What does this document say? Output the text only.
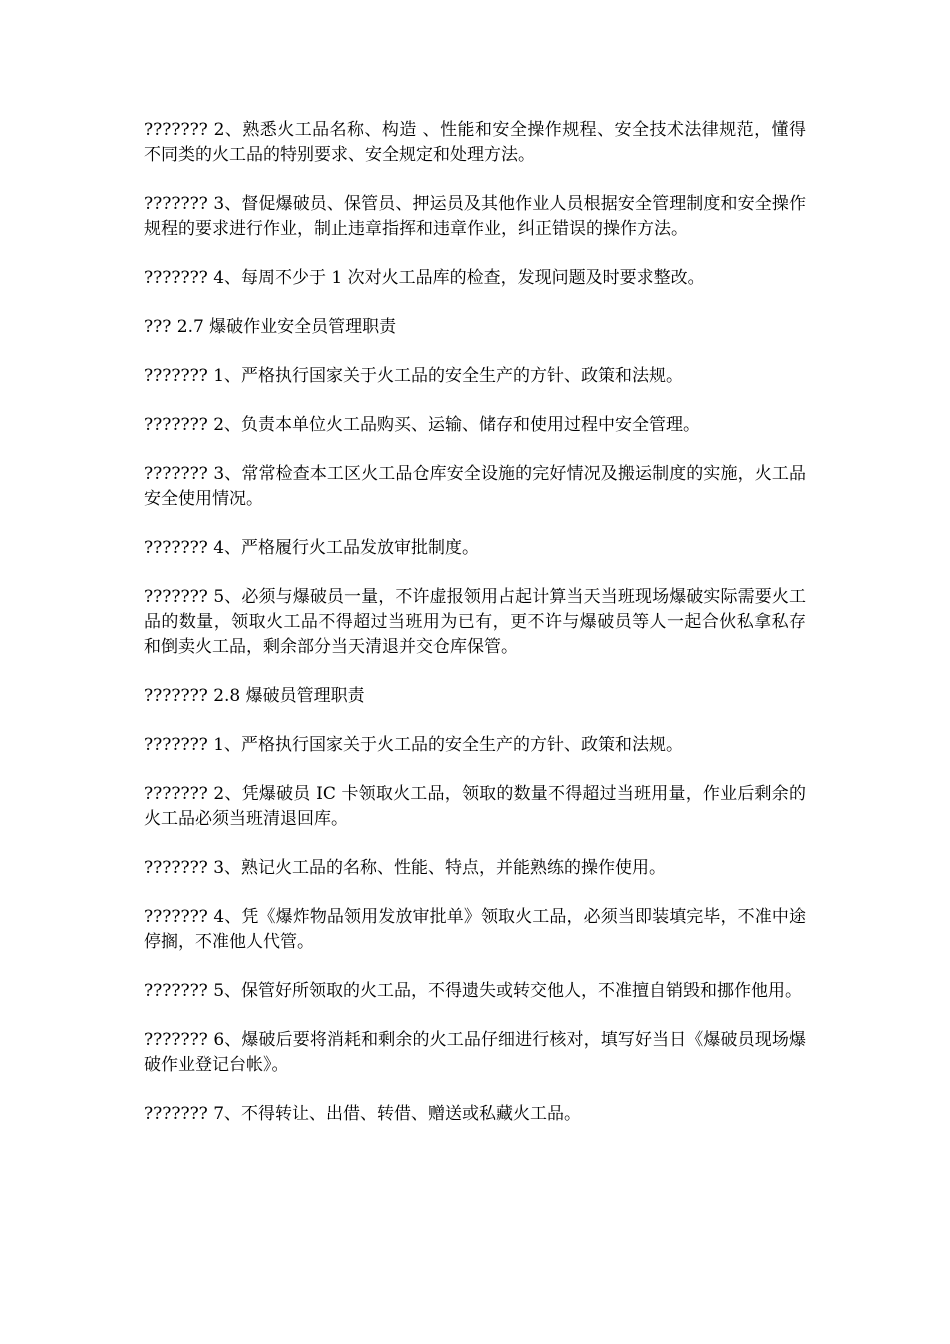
??????? 2、熟悉火工品名称、构造 、性能和安全操作规程、安全技术法律规范，懂得不同类的火工品的特别要求、安全规定和处理方法。

??????? 3、督促爆破员、保管员、押运员及其他作业人员根据安全管理制度和安全操作规程的要求进行作业，制止违章指挥和违章作业，纠正错误的操作方法。

??????? 4、每周不少于 1 次对火工品库的检查，发现问题及时要求整改。

??? 2.7 爆破作业安全员管理职责

??????? 1、严格执行国家关于火工品的安全生产的方针、政策和法规。

??????? 2、负责本单位火工品购买、运输、储存和使用过程中安全管理。

??????? 3、常常检查本工区火工品仓库安全设施的完好情况及搬运制度的实施，火工品安全使用情况。

??????? 4、严格履行火工品发放审批制度。

??????? 5、必须与爆破员一量，不许虚报领用占起计算当天当班现场爆破实际需要火工品的数量，领取火工品不得超过当班用为已有，更不许与爆破员等人一起合伙私拿私存和倒卖火工品，剩余部分当天清退并交仓库保管。

??????? 2.8 爆破员管理职责

??????? 1、严格执行国家关于火工品的安全生产的方针、政策和法规。

??????? 2、凭爆破员 IC 卡领取火工品，领取的数量不得超过当班用量，作业后剩余的火工品必须当班清退回库。

??????? 3、熟记火工品的名称、性能、特点，并能熟练的操作使用。

??????? 4、凭《爆炸物品领用发放审批单》领取火工品，必须当即装填完毕，不准中途停搁，不准他人代管。

??????? 5、保管好所领取的火工品，不得遗失或转交他人，不准擅自销毁和挪作他用。

??????? 6、爆破后要将消耗和剩余的火工品仔细进行核对，填写好当日《爆破员现场爆破作业登记台帐》。

??????? 7、不得转让、出借、转借、赠送或私藏火工品。
